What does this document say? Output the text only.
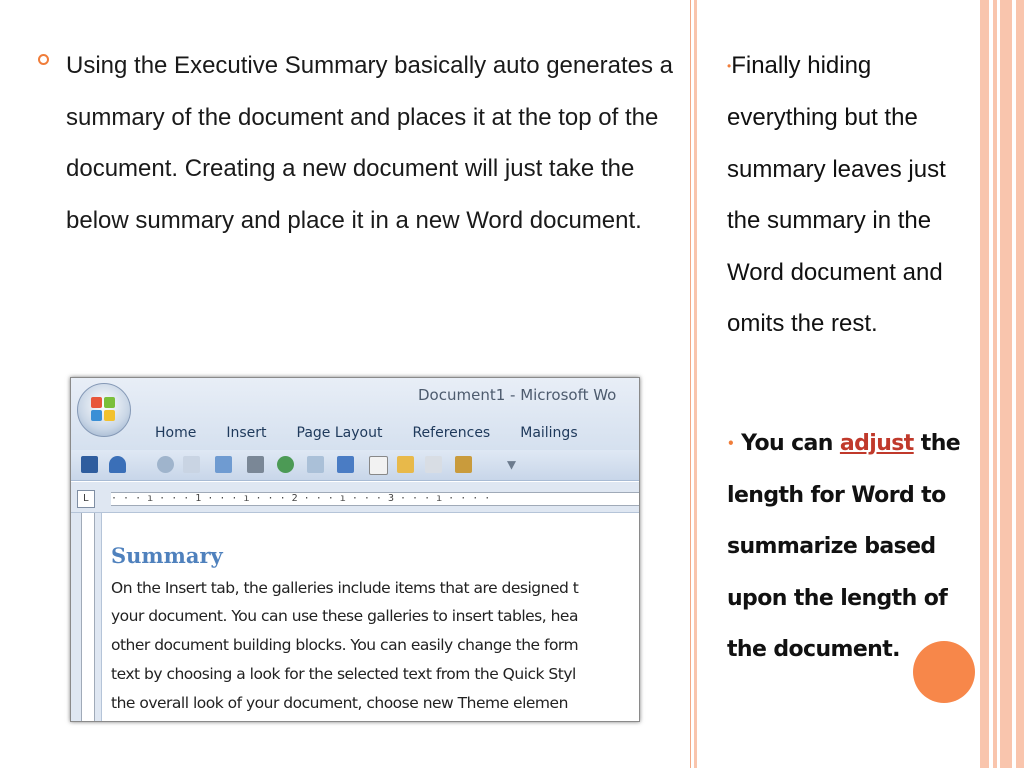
Using the Executive Summary basically auto generates a summary of the document and places it at the top of the document. Creating a new document will just take the below summary and place it in a new Word document.

•Finally hiding everything but the summary leaves just the summary in the Word document and omits the rest.

• You can adjust the length for Word to summarize based upon the length of the document.

Document1 - Microsoft Wo
Home Insert Page Layout References Mailings
L	· · · ı · · · 1 · · · ı · · · 2 · · · ı · · · 3 · · · ı · · · ·
Summary
On the Insert tab, the galleries include items that are designed t
your document. You can use these galleries to insert tables, hea
other document building blocks. You can easily change the form
text by choosing a look for the selected text from the Quick Styl
the overall look of your document, choose new Theme elemen
